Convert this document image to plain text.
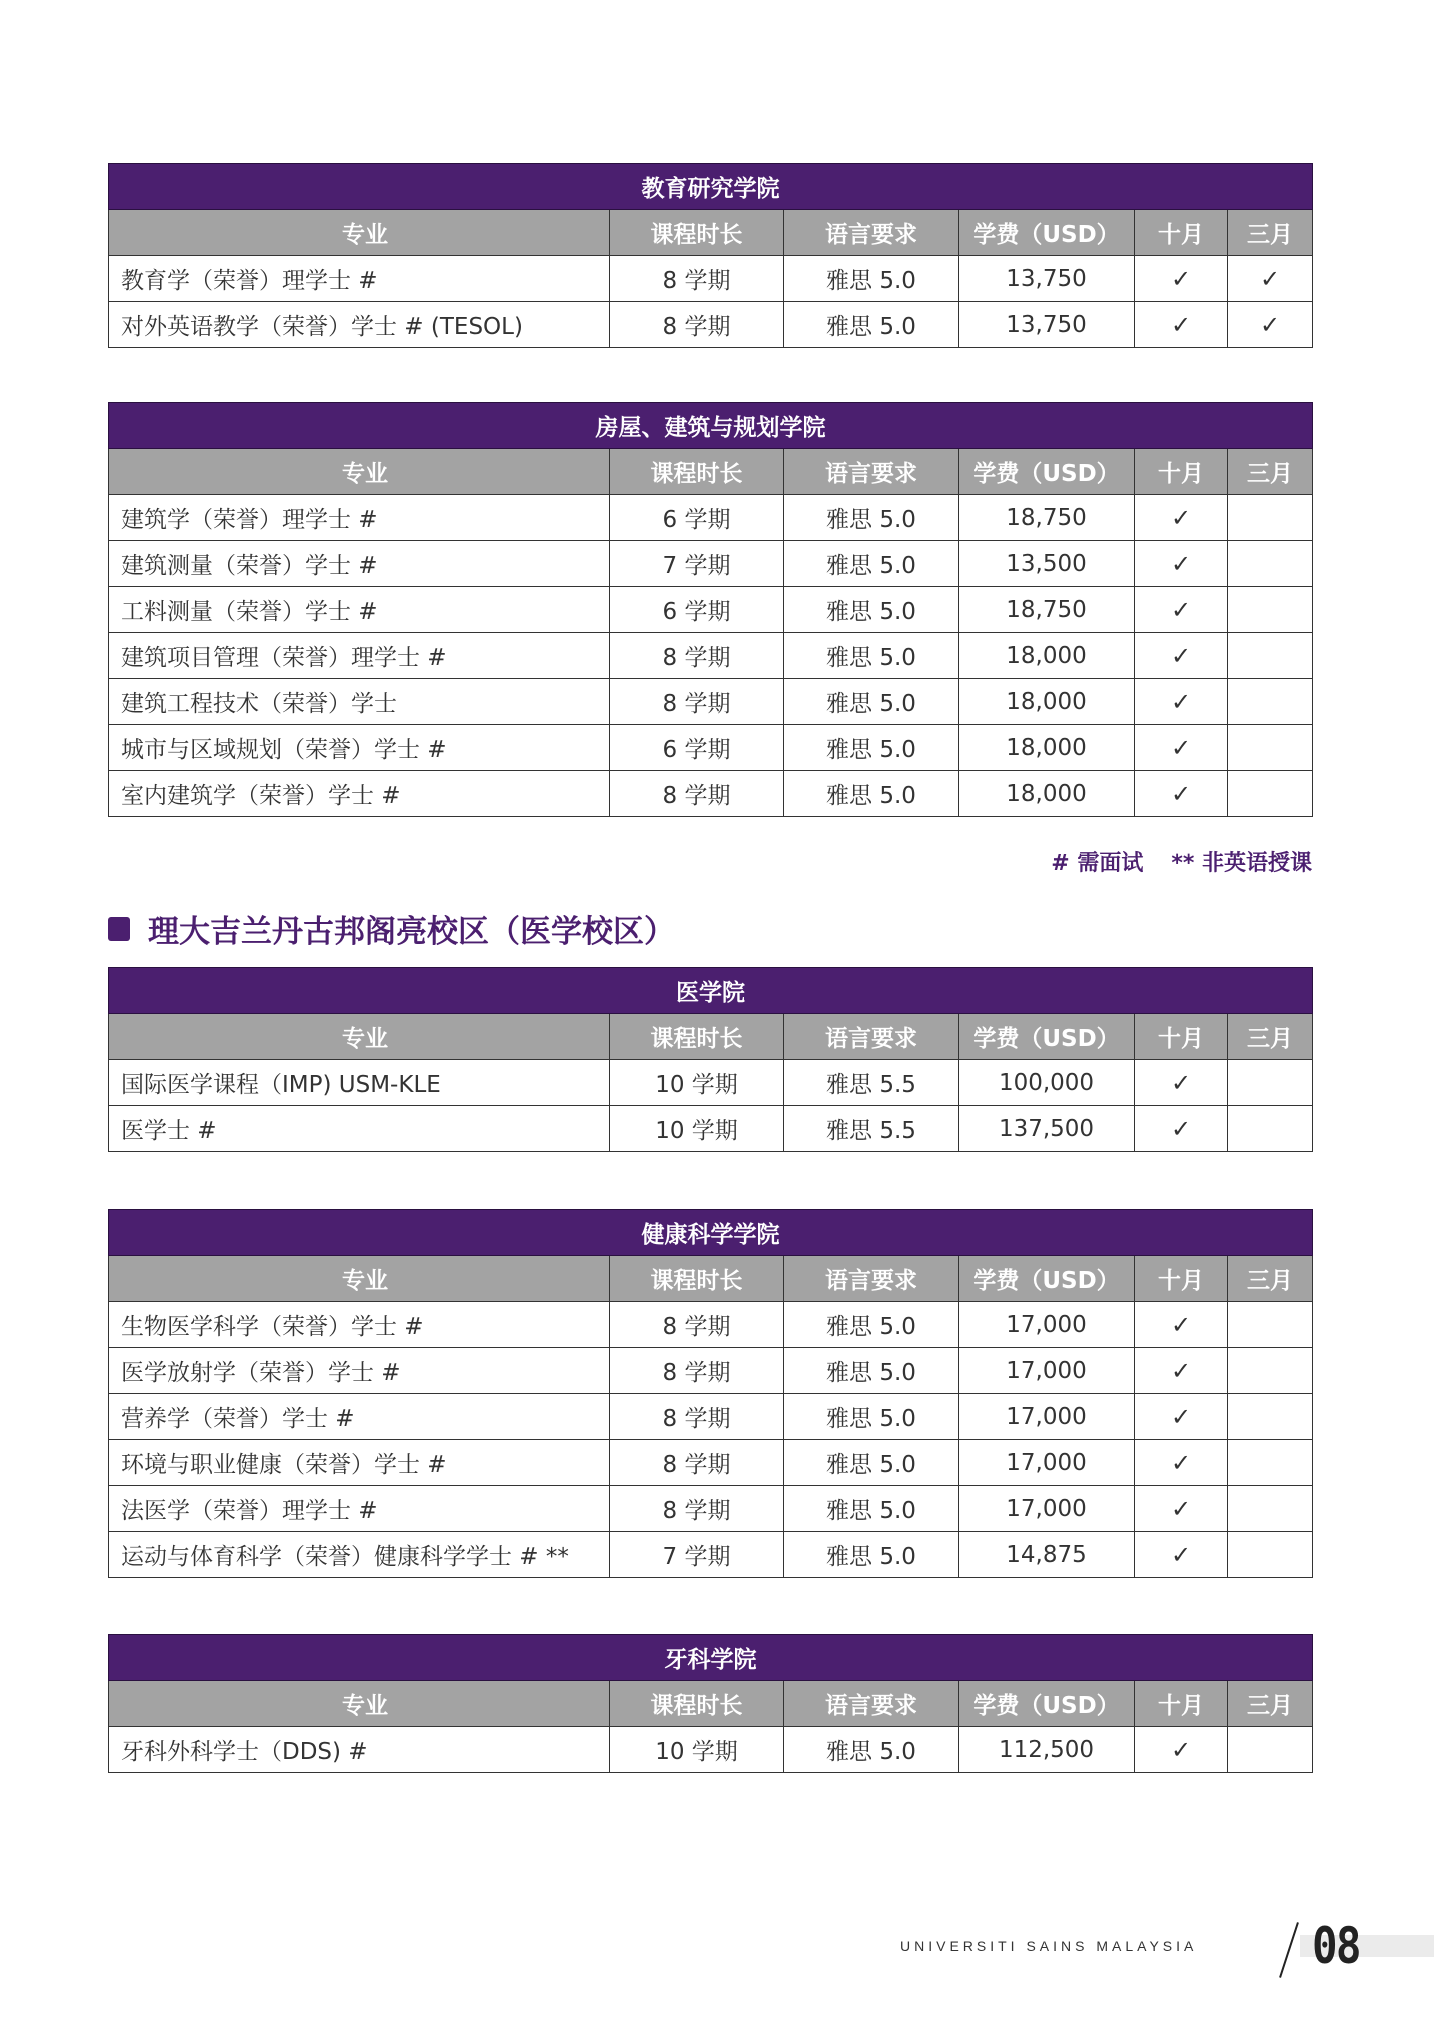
教育研究学院					
专业	课程时长	语言要求	学费（USD）	十月	三月
教育学（荣誉）理学士 #	8 学期	雅思 5.0	13,750	✓	✓
对外英语教学（荣誉）学士 # (TESOL)	8 学期	雅思 5.0	13,750	✓	✓
房屋、建筑与规划学院					
专业	课程时长	语言要求	学费（USD）	十月	三月
建筑学（荣誉）理学士 #	6 学期	雅思 5.0	18,750	✓	
建筑测量（荣誉）学士 #	7 学期	雅思 5.0	13,500	✓	
工料测量（荣誉）学士 #	6 学期	雅思 5.0	18,750	✓	
建筑项目管理（荣誉）理学士 #	8 学期	雅思 5.0	18,000	✓	
建筑工程技术（荣誉）学士	8 学期	雅思 5.0	18,000	✓	
城市与区域规划（荣誉）学士 #	6 学期	雅思 5.0	18,000	✓	
室内建筑学（荣誉）学士 #	8 学期	雅思 5.0	18,000	✓	
医学院					
专业	课程时长	语言要求	学费（USD）	十月	三月
国际医学课程（IMP) USM-KLE	10 学期	雅思 5.5	100,000	✓	
医学士 #	10 学期	雅思 5.5	137,500	✓	
健康科学学院					
专业	课程时长	语言要求	学费（USD）	十月	三月
生物医学科学（荣誉）学士 #	8 学期	雅思 5.0	17,000	✓	
医学放射学（荣誉）学士 #	8 学期	雅思 5.0	17,000	✓	
营养学（荣誉）学士 #	8 学期	雅思 5.0	17,000	✓	
环境与职业健康（荣誉）学士 #	8 学期	雅思 5.0	17,000	✓	
法医学（荣誉）理学士 #	8 学期	雅思 5.0	17,000	✓	
运动与体育科学（荣誉）健康科学学士 # **	7 学期	雅思 5.0	14,875	✓	
牙科学院					
专业	课程时长	语言要求	学费（USD）	十月	三月
牙科外科学士（DDS) #	10 学期	雅思 5.0	112,500	✓	
# 需面试 ** 非英语授课
理大吉兰丹古邦阁亮校区（医学校区）
UNIVERSITI SAINS MALAYSIA 08
